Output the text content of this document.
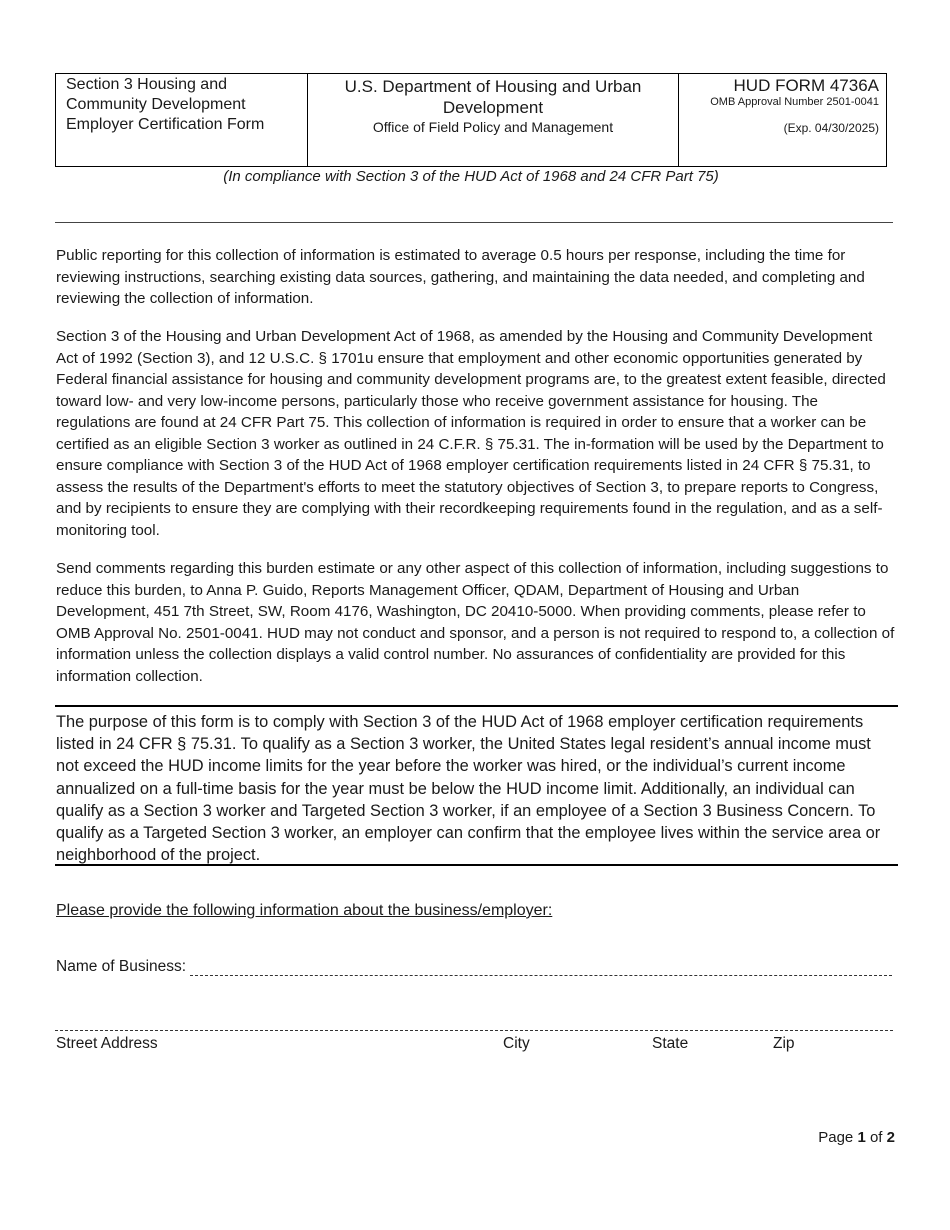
Section 3 Housing and
Community Development
Employer Certification Form
U.S. Department of Housing and Urban
Development
Office of Field Policy and Management
HUD FORM 4736A
OMB Approval Number 2501-0041
(Exp. 04/30/2025)
(In compliance with Section 3 of the HUD Act of 1968 and 24 CFR Part 75)

Public reporting for this collection of information is estimated to average 0.5 hours per response, including the time for reviewing instructions, searching existing data sources, gathering, and maintaining the data needed, and completing and reviewing the collection of information.

Section 3 of the Housing and Urban Development Act of 1968, as amended by the Housing and Community Development Act of 1992 (Section 3), and 12 U.S.C. § 1701u ensure that employment and other economic opportunities generated by Federal financial assistance for housing and community development programs are, to the greatest extent feasible, directed toward low- and very low-income persons, particularly those who receive government assistance for housing. The regulations are found at 24 CFR Part 75. This collection of information is required in order to ensure that a worker can be certified as an eligible Section 3 worker as outlined in 24 C.F.R. § 75.31. The in-formation will be used by the Department to ensure compliance with Section 3 of the HUD Act of 1968 employer certification requirements listed in 24 CFR § 75.31, to assess the results of the Department's efforts to meet the statutory objectives of Section 3, to prepare reports to Congress, and by recipients to ensure they are complying with their recordkeeping requirements found in the regulation, and as a self-monitoring tool.

Send comments regarding this burden estimate or any other aspect of this collection of information, including suggestions to reduce this burden, to Anna P. Guido, Reports Management Officer, QDAM, Department of Housing and Urban Development, 451 7th Street, SW, Room 4176, Washington, DC 20410-5000. When providing comments, please refer to OMB Approval No. 2501-0041. HUD may not conduct and sponsor, and a person is not required to respond to, a collection of information unless the collection displays a valid control number. No assurances of confidentiality are provided for this information collection.

The purpose of this form is to comply with Section 3 of the HUD Act of 1968 employer certification requirements listed in 24 CFR § 75.31. To qualify as a Section 3 worker, the United States legal resident’s annual income must not exceed the HUD income limits for the year before the worker was hired, or the individual’s current income annualized on a full-time basis for the year must be below the HUD income limit. Additionally, an individual can qualify as a Section 3 worker and Targeted Section 3 worker, if an employee of a Section 3 Business Concern. To qualify as a Targeted Section 3 worker, an employer can confirm that the employee lives within the service area or neighborhood of the project.
Please provide the following information about the business/employer:
Name of Business:
Street Address	City	State	Zip
Page 1 of 2
